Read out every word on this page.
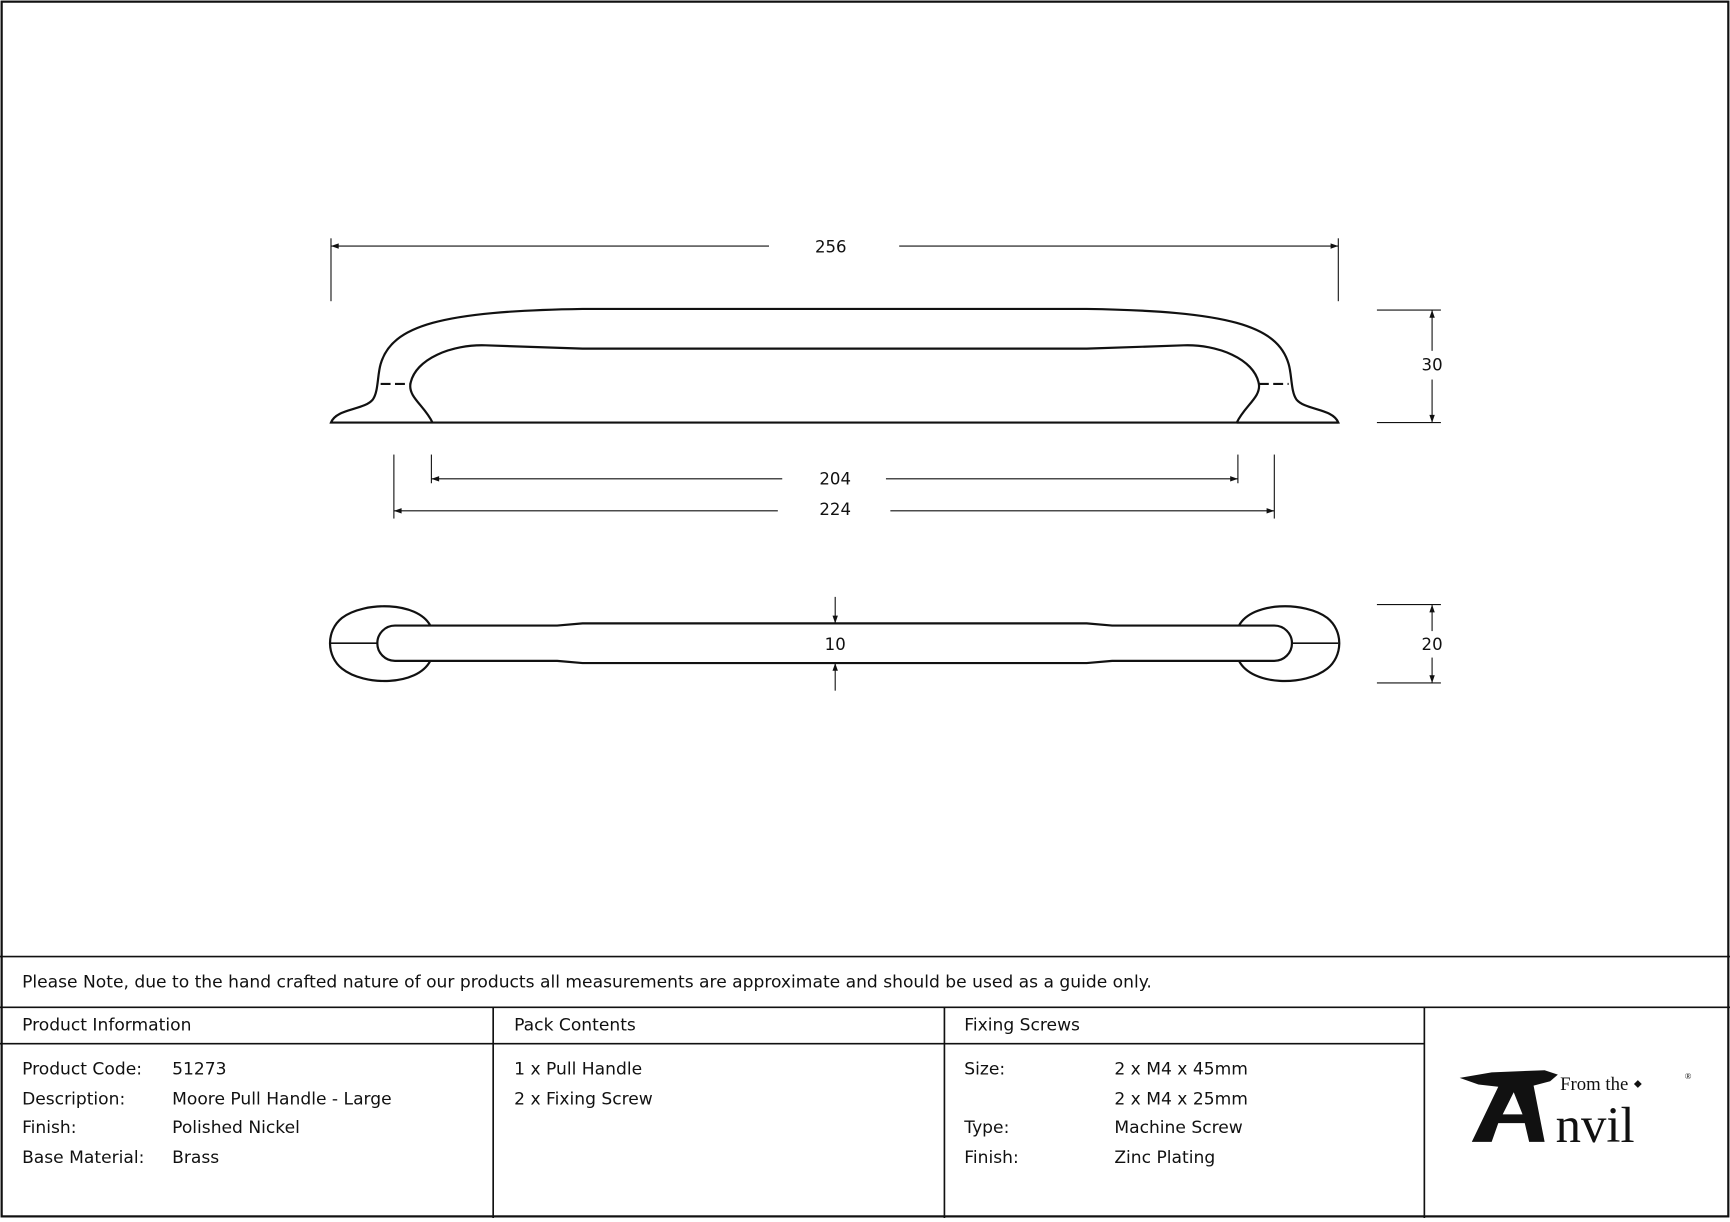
256
30
204
224
10	20
nvil
From the	®
Please Note, due to the hand crafted nature of our products all measurements are approximate and should be used as a guide only.
Product Information
Product Code: 51273
Description:	Moore Pull Handle - Large
Finish:	Polished Nickel
Base Material: Brass
Pack Contents
1 x Pull Handle
2 x Fixing Screw
Fixing Screws
Size:	2 x M4 x 45mm
2 x M4 x 25mm
Type:	Machine Screw
Finish:	Zinc Plating
